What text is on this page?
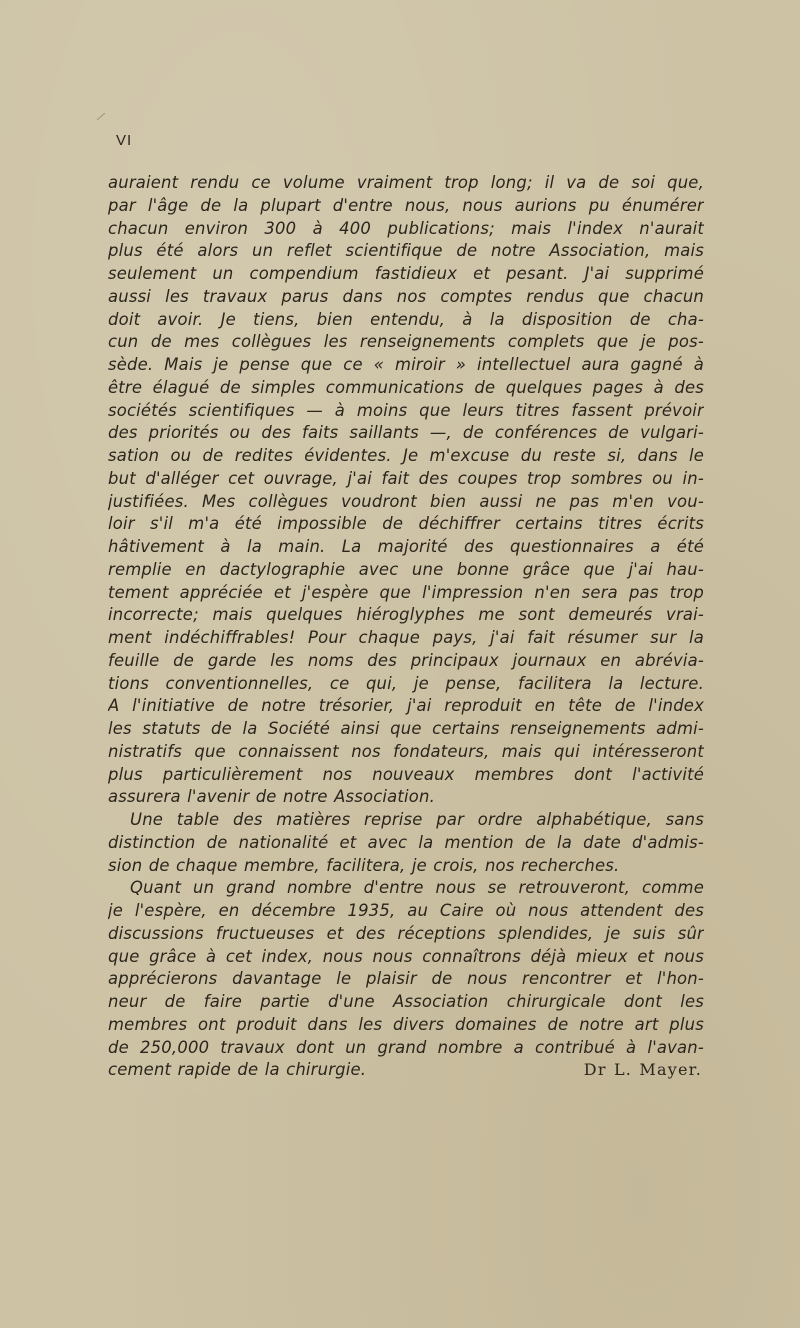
VI
auraient rendu ce volume vraiment trop long; il va de soi que,
par l'âge de la plupart d'entre nous, nous aurions pu énumérer
chacun environ 300 à 400 publications; mais l'index n'aurait
plus été alors un reflet scientifique de notre Association, mais
seulement un compendium fastidieux et pesant. J'ai supprimé
aussi les travaux parus dans nos comptes rendus que chacun
doit avoir. Je tiens, bien entendu, à la disposition de cha-
cun de mes collègues les renseignements complets que je pos-
sède. Mais je pense que ce « miroir » intellectuel aura gagné à
être élagué de simples communications de quelques pages à des
sociétés scientifiques — à moins que leurs titres fassent prévoir
des priorités ou des faits saillants —, de conférences de vulgari-
sation ou de redites évidentes. Je m'excuse du reste si, dans le
but d'alléger cet ouvrage, j'ai fait des coupes trop sombres ou in-
justifiées. Mes collègues voudront bien aussi ne pas m'en vou-
loir s'il m'a été impossible de déchiffrer certains titres écrits
hâtivement à la main. La majorité des questionnaires a été
remplie en dactylographie avec une bonne grâce que j'ai hau-
tement appréciée et j'espère que l'impression n'en sera pas trop
incorrecte; mais quelques hiéroglyphes me sont demeurés vrai-
ment indéchiffrables! Pour chaque pays, j'ai fait résumer sur la
feuille de garde les noms des principaux journaux en abrévia-
tions conventionnelles, ce qui, je pense, facilitera la lecture.
A l'initiative de notre trésorier, j'ai reproduit en tête de l'index
les statuts de la Société ainsi que certains renseignements admi-
nistratifs que connaissent nos fondateurs, mais qui intéresseront
plus particulièrement nos nouveaux membres dont l'activité
assurera l'avenir de notre Association.
Une table des matières reprise par ordre alphabétique, sans
distinction de nationalité et avec la mention de la date d'admis-
sion de chaque membre, facilitera, je crois, nos recherches.
Quant un grand nombre d'entre nous se retrouveront, comme
je l'espère, en décembre 1935, au Caire où nous attendent des
discussions fructueuses et des réceptions splendides, je suis sûr
que grâce à cet index, nous nous connaîtrons déjà mieux et nous
apprécierons davantage le plaisir de nous rencontrer et l'hon-
neur de faire partie d'une Association chirurgicale dont les
membres ont produit dans les divers domaines de notre art plus
de 250,000 travaux dont un grand nombre a contribué à l'avan-
cement rapide de la chirurgie.	Dr L. Mayer.
